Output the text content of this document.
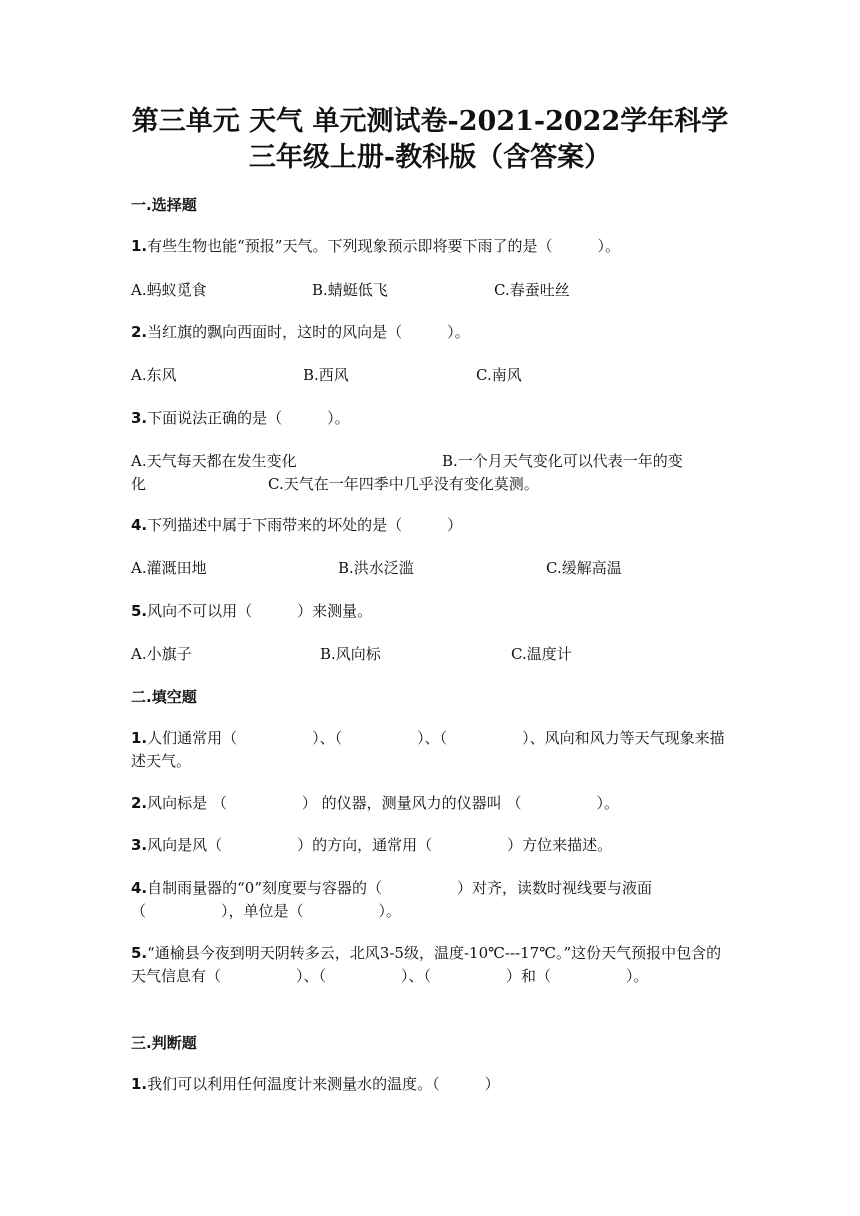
第三单元 天气 单元测试卷-2021-2022学年科学三年级上册-教科版（含答案）
一.选择题
1.有些生物也能“预报”天气。下列现象预示即将要下雨了的是（　　　）。
A.蚂蚁觅食	B.蜻蜓低飞	C.春蚕吐丝
2.当红旗的飘向西面时，这时的风向是（　　　）。
A.东风	B.西风	C.南风
3.下面说法正确的是（　　　）。
A.天气每天都在发生变化	B.一个月天气变化可以代表一年的变
化	C.天气在一年四季中几乎没有变化莫测。
4.下列描述中属于下雨带来的坏处的是（　　　）
A.灌溉田地	B.洪水泛滥	C.缓解高温
5.风向不可以用（　　　）来测量。
A.小旗子	B.风向标	C.温度计
二.填空题
1.人们通常用（　　　　　）、（　　　　　）、（　　　　　）、风向和风力等天气现象来描述天气。
2.风向标是 （　　　　　） 的仪器，测量风力的仪器叫 （　　　　　）。
3.风向是风（　　　　　）的方向，通常用（　　　　　）方位来描述。
4.自制雨量器的“0”刻度要与容器的（　　　　　）对齐，读数时视线要与液面（　　　　　），单位是（　　　　　）。
5.“通榆县今夜到明天阴转多云，北风3-5级，温度-10℃---17℃。”这份天气预报中包含的天气信息有（　　　　　）、（　　　　　）、（　　　　　）和（　　　　　）。
三.判断题
1.我们可以利用任何温度计来测量水的温度。（　　　）
